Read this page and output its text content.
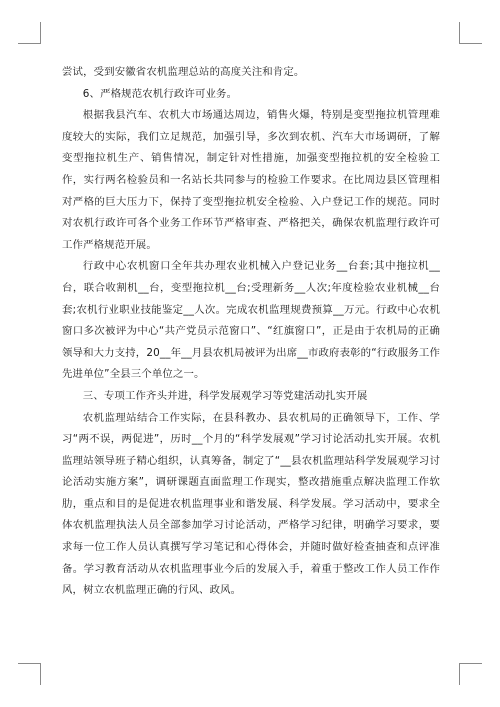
尝试，受到安徽省农机监理总站的高度关注和肯定。

6、严格规范农机行政许可业务。

根据我县汽车、农机大市场通达周边，销售火爆，特别是变型拖拉机管理难度较大的实际，我们立足规范，加强引导，多次到农机、汽车大市场调研，了解变型拖拉机生产、销售情况，制定针对性措施，加强变型拖拉机的安全检验工作，实行两名检验员和一名站长共同参与的检验工作要求。在比周边县区管理相对严格的巨大压力下，保持了变型拖拉机安全检验、入户登记工作的规范。同时对农机行政许可各个业务工作环节严格审查、严格把关，确保农机监理行政许可工作严格规范开展。

行政中心农机窗口全年共办理农业机械入户登记业务__台套;其中拖拉机__台，联合收割机__台，变型拖拉机__台;受理新务__人次;年度检验农业机械__台套;农机行业职业技能鉴定__人次。完成农机监理规费预算__万元。行政中心农机窗口多次被评为中心“共产党员示范窗口”、“红旗窗口”，正是由于农机局的正确领导和大力支持，20__年__月县农机局被评为出席__市政府表彰的“行政服务工作先进单位”全县三个单位之一。

三、专项工作齐头并进，科学发展观学习等党建活动扎实开展

农机监理站结合工作实际，在县科教办、县农机局的正确领导下，工作、学习“两不误，两促进”，历时__个月的“科学发展观”学习讨论活动扎实开展。农机监理站领导班子精心组织，认真筹备，制定了“__县农机监理站科学发展观学习讨论活动实施方案”，调研课题直面监理工作现实，整改措施重点解决监理工作软肋，重点和目的是促进农机监理事业和谐发展、科学发展。学习活动中，要求全体农机监理执法人员全部参加学习讨论活动，严格学习纪律，明确学习要求，要求每一位工作人员认真撰写学习笔记和心得体会，并随时做好检查抽查和点评准备。学习教育活动从农机监理事业今后的发展入手，着重于整改工作人员工作作风，树立农机监理正确的行风、政风。
